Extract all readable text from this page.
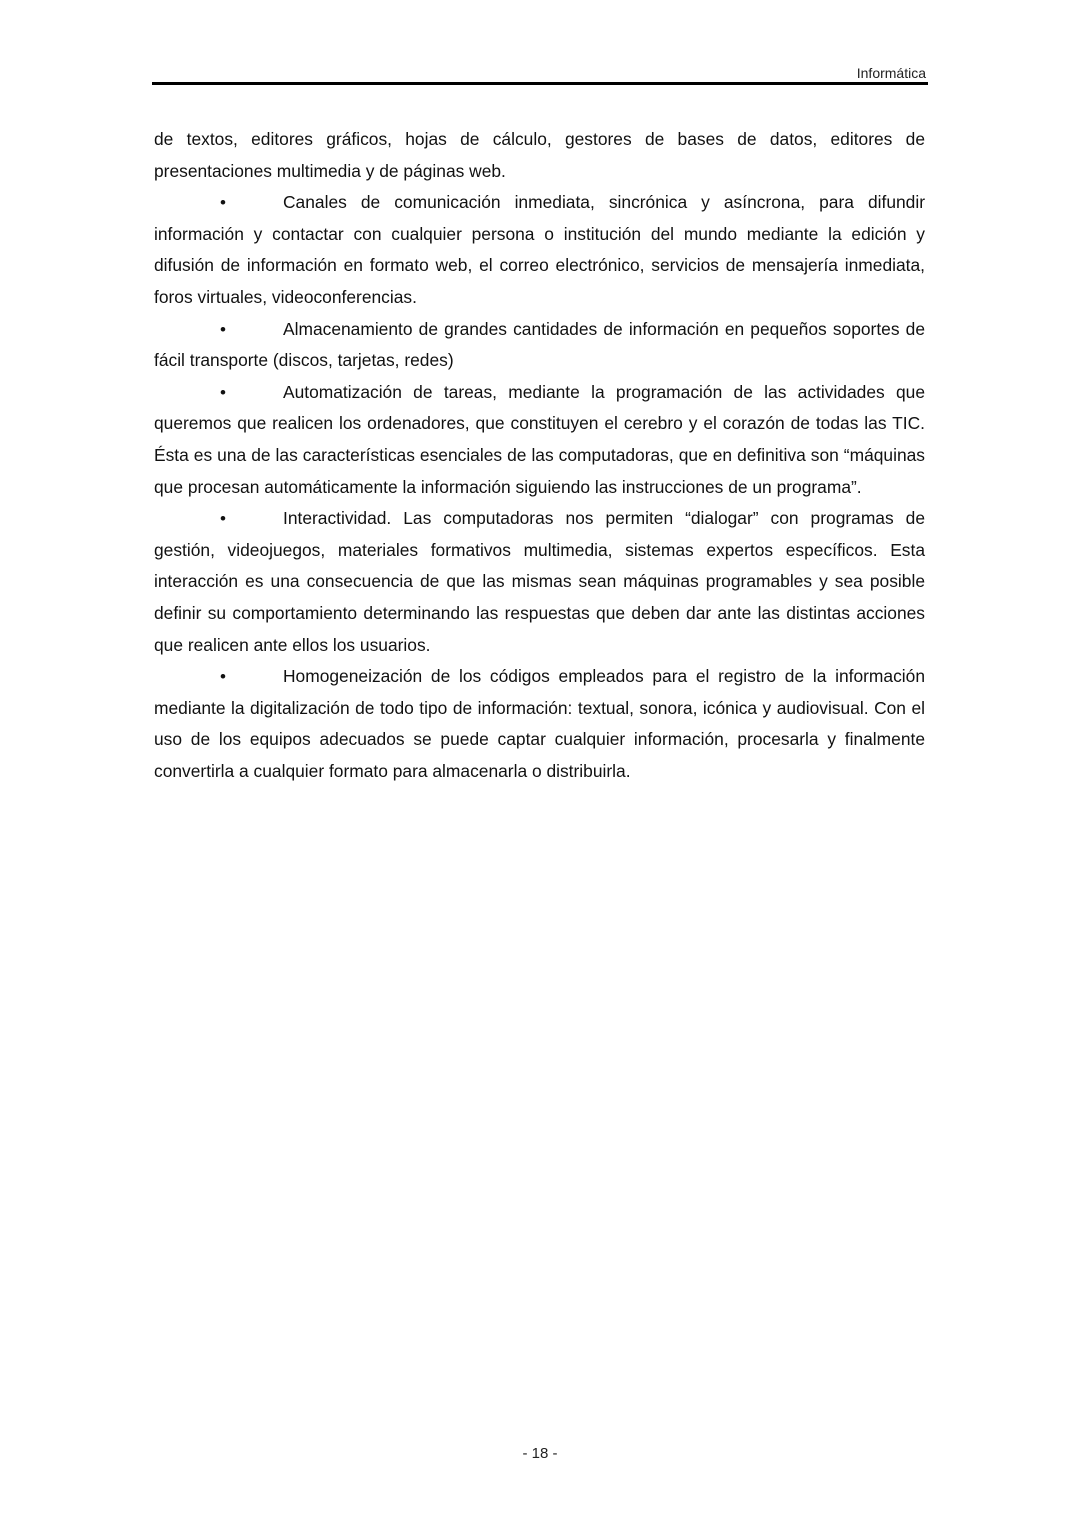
Informática

de textos, editores gráficos, hojas de cálculo, gestores de bases de datos, editores de presentaciones multimedia y de páginas web.

•	Canales de comunicación inmediata, sincrónica y asíncrona, para difundir información y contactar con cualquier persona o institución del mundo mediante la edición y difusión de información en formato web, el correo electrónico, servicios de mensajería inmediata, foros virtuales, videoconferencias.

•	Almacenamiento de grandes cantidades de información en pequeños soportes de fácil transporte (discos, tarjetas, redes)

•	Automatización de tareas, mediante la programación de las actividades que queremos que realicen los ordenadores, que constituyen el cerebro y el corazón de todas las TIC. Ésta es una de las características esenciales de las computadoras, que en definitiva son “máquinas que procesan automáticamente la información siguiendo las instrucciones de un programa”.

•	Interactividad. Las computadoras nos permiten “dialogar” con programas de gestión, videojuegos, materiales formativos multimedia, sistemas expertos específicos. Esta interacción es una consecuencia de que las mismas sean máquinas programables y sea posible definir su comportamiento determinando las respuestas que deben dar ante las distintas acciones que realicen ante ellos los usuarios.

•	Homogeneización de los códigos empleados para el registro de la información mediante la digitalización de todo tipo de información: textual, sonora, icónica y audiovisual. Con el uso de los equipos adecuados se puede captar cualquier información, procesarla y finalmente convertirla a cualquier formato para almacenarla o distribuirla.

- 18 -
